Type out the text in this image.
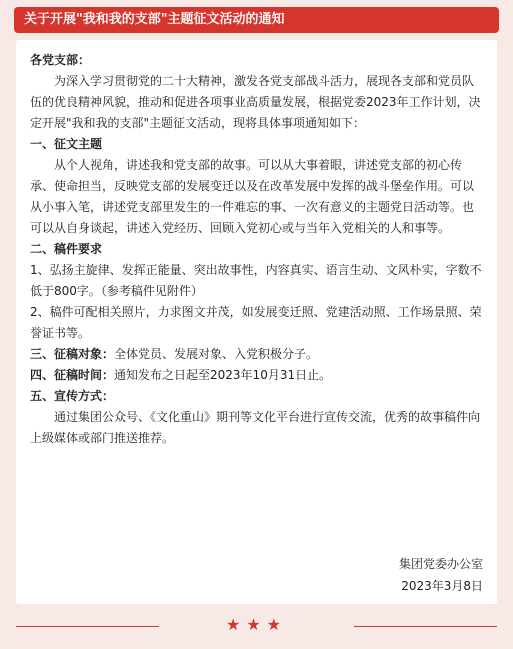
关于开展"我和我的支部"主题征文活动的通知

各党支部：

为深入学习贯彻党的二十大精神，激发各党支部战斗活力，展现各支部和党员队伍的优良精神风貌，推动和促进各项事业高质量发展，根据党委2023年工作计划，决定开展"我和我的支部"主题征文活动，现将具体事项通知如下：

一、征文主题

从个人视角，讲述我和党支部的故事。可以从大事着眼，讲述党支部的初心传承、使命担当，反映党支部的发展变迁以及在改革发展中发挥的战斗堡垒作用。可以从小事入笔，讲述党支部里发生的一件难忘的事、一次有意义的主题党日活动等。也可以从自身谈起，讲述入党经历、回顾入党初心或与当年入党相关的人和事等。

二、稿件要求

1、弘扬主旋律、发挥正能量、突出故事性，内容真实、语言生动、文风朴实，字数不低于800字。（参考稿件见附件）

2、稿件可配相关照片，力求图文并茂，如发展变迁照、党建活动照、工作场景照、荣誉证书等。

三、征稿对象：全体党员、发展对象、入党积极分子。

四、征稿时间：通知发布之日起至2023年10月31日止。

五、宣传方式：

通过集团公众号、《文化重山》期刊等文化平台进行宣传交流，优秀的故事稿件向上级媒体或部门推送推荐。

集团党委办公室
2023年3月8日
★★★
